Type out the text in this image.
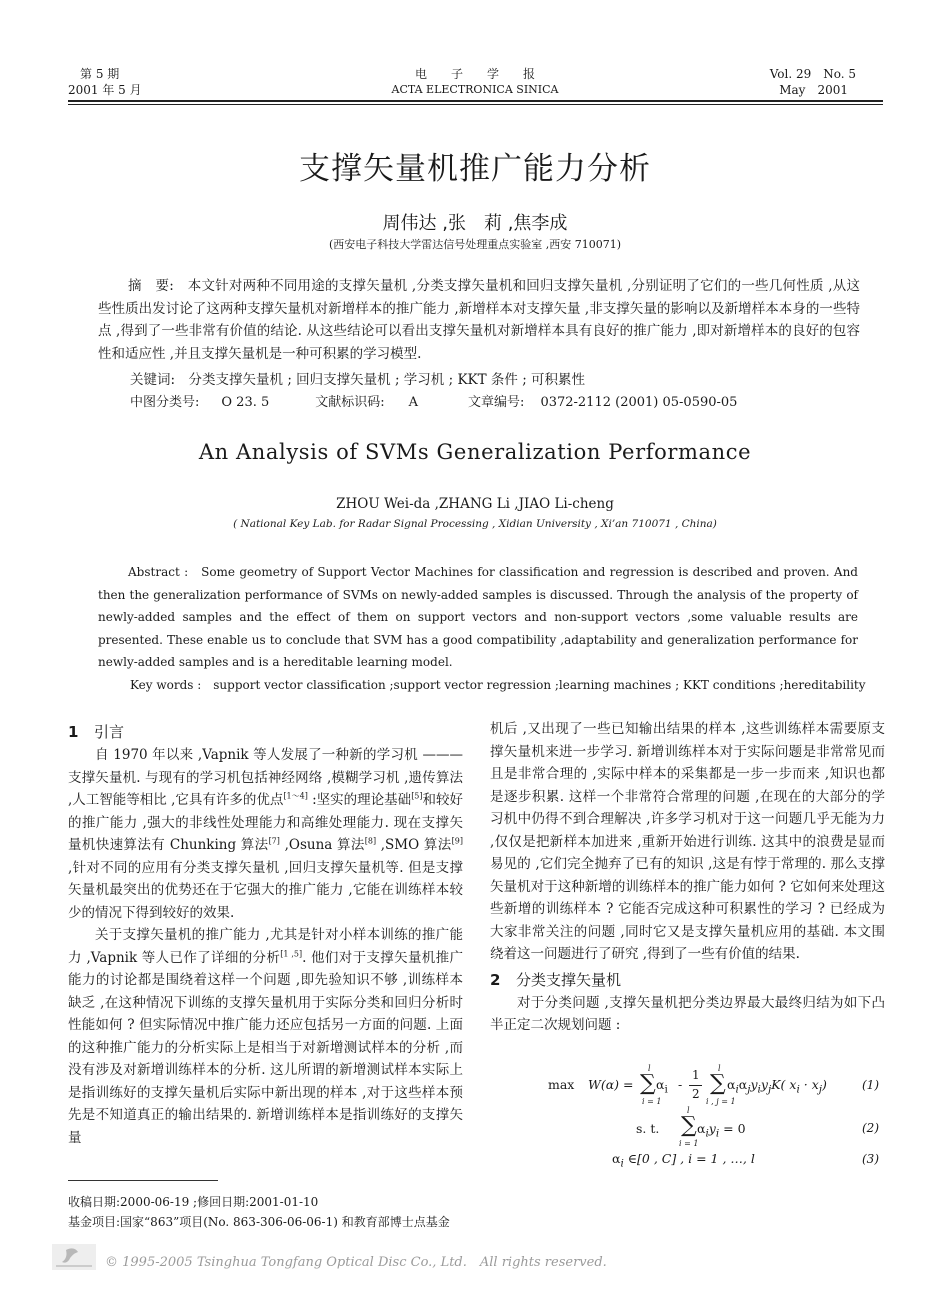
第 5 期
2001 年 5 月
电　　子　　学　　报
ACTA ELECTRONICA SINICA
Vol. 29　No. 5
May　2001
支撑矢量机推广能力分析
周伟达 ,张　莉 ,焦李成
(西安电子科技大学雷达信号处理重点实验室 ,西安 710071)
摘　要:　本文针对两种不同用途的支撑矢量机 ,分类支撑矢量机和回归支撑矢量机 ,分别证明了它们的一些几何性质 ,从这些性质出发讨论了这两种支撑矢量机对新增样本的推广能力 ,新增样本对支撑矢量 ,非支撑矢量的影响以及新增样本本身的一些特点 ,得到了一些非常有价值的结论. 从这些结论可以看出支撑矢量机对新增样本具有良好的推广能力 ,即对新增样本的良好的包容性和适应性 ,并且支撑矢量机是一种可积累的学习模型.
关键词:　分类支撑矢量机 ; 回归支撑矢量机 ; 学习机 ; KKT 条件 ; 可积累性
中图分类号: O 23. 5	文献标识码: A	文章编号: 0372-2112 (2001) 05-0590-05
An Analysis of SVMs Generalization Performance
ZHOU Wei-da ,ZHANG Li ,JIAO Li-cheng
( National Key Lab. for Radar Signal Processing , Xidian University , Xi’an 710071 , China)
Abstract :　Some geometry of Support Vector Machines for classification and regression is described and proven. And then the generalization performance of SVMs on newly-added samples is discussed. Through the analysis of the property of newly-added samples and the effect of them on support vectors and non-support vectors ,some valuable results are presented. These enable us to conclude that SVM has a good compatibility ,adaptability and generalization performance for newly-added samples and is a hereditable learning model.
Key words :　support vector classification ;support vector regression ;learning machines ; KKT conditions ;hereditability

1 引言

自 1970 年以来 ,Vapnik 等人发展了一种新的学习机 ———支撑矢量机. 与现有的学习机包括神经网络 ,模糊学习机 ,遗传算法 ,人工智能等相比 ,它具有许多的优点[1～4] :坚实的理论基础[5]和较好的推广能力 ,强大的非线性处理能力和高维处理能力. 现在支撑矢量机快速算法有 Chunking 算法[7] ,Osuna 算法[8] ,SMO 算法[9] ,针对不同的应用有分类支撑矢量机 ,回归支撑矢量机等. 但是支撑矢量机最突出的优势还在于它强大的推广能力 ,它能在训练样本较少的情况下得到较好的效果.

关于支撑矢量机的推广能力 ,尤其是针对小样本训练的推广能力 ,Vapnik 等人已作了详细的分析[1 ,5]. 他们对于支撑矢量机推广能力的讨论都是围绕着这样一个问题 ,即先验知识不够 ,训练样本缺乏 ,在这种情况下训练的支撑矢量机用于实际分类和回归分析时性能如何 ? 但实际情况中推广能力还应包括另一方面的问题. 上面的这种推广能力的分析实际上是相当于对新增测试样本的分析 ,而没有涉及对新增训练样本的分析. 这儿所谓的新增测试样本实际上是指训练好的支撑矢量机后实际中新出现的样本 ,对于这些样本预先是不知道真正的输出结果的. 新增训练样本是指训练好的支撑矢量

机后 ,又出现了一些已知输出结果的样本 ,这些训练样本需要原支撑矢量机来进一步学习. 新增训练样本对于实际问题是非常常见而且是非常合理的 ,实际中样本的采集都是一步一步而来 ,知识也都是逐步积累. 这样一个非常符合常理的问题 ,在现在的大部分的学习机中仍得不到合理解决 ,许多学习机对于这一问题几乎无能为力 ,仅仅是把新样本加进来 ,重新开始进行训练. 这其中的浪费是显而易见的 ,它们完全抛弃了已有的知识 ,这是有悖于常理的. 那么支撑矢量机对于这种新增的训练样本的推广能力如何 ? 它如何来处理这些新增的训练样本 ? 它能否完成这种可积累性的学习 ? 已经成为大家非常关注的问题 ,同时它又是支撑矢量机应用的基础. 本文围绕着这一问题进行了研究 ,得到了一些有价值的结果.

2 分类支撑矢量机

对于分类问题 ,支撑矢量机把分类边界最大最终归结为如下凸半正定二次规划问题 :

max W(α) =
l
∑
i = 1
$\alpha_i$ -
1
2
l
∑
i , j = 1
$\alpha_i\alpha_jy_iy_jK$( $x_i \cdot x_j$)	(1)
s. t.
l
∑
i = 1
$\alpha_iy_i = 0$	(2)
$\alpha_i$ ∈[0 , C] , i = 1 , …, l	(3)
收稿日期:2000-06-19 ;修回日期:2001-01-10
基金项目:国家“863”项目(No. 863-306-06-06-1) 和教育部博士点基金
© 1995-2005 Tsinghua Tongfang Optical Disc Co., Ltd.　All rights reserved.
